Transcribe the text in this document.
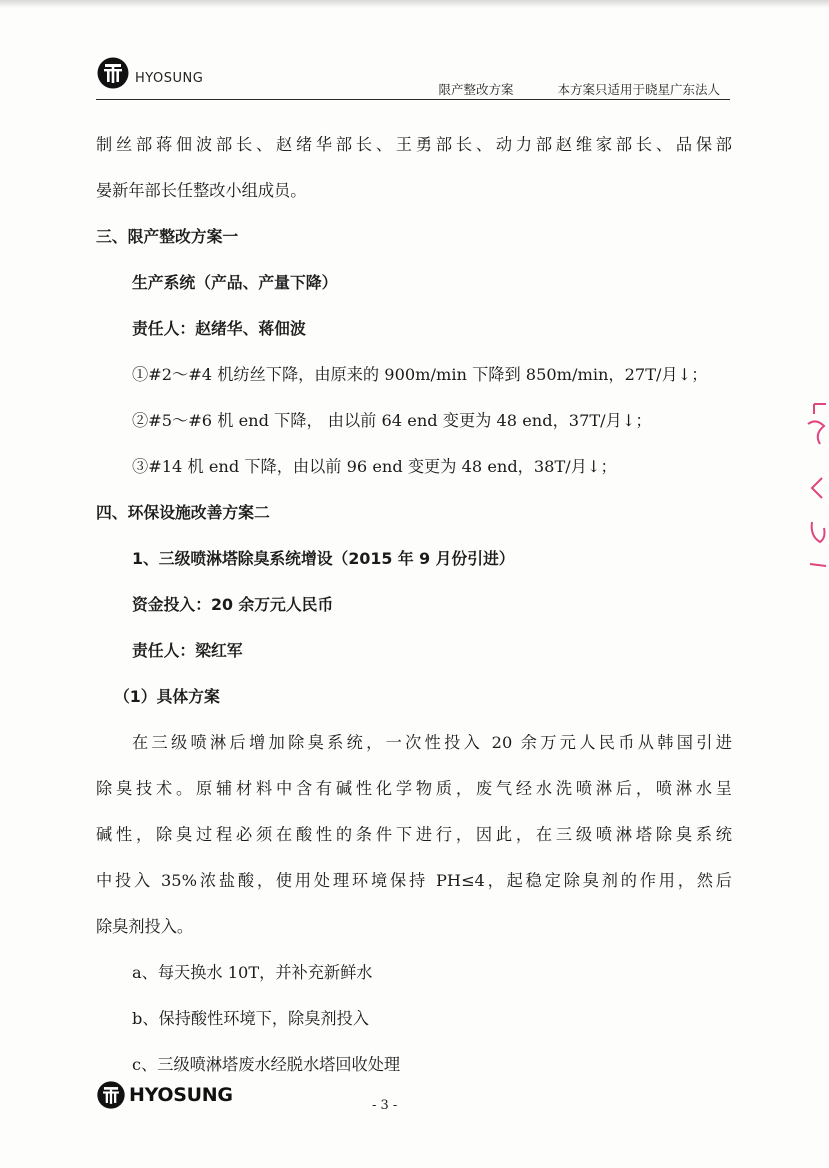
HYOSUNG
限产整改方案	本方案只适用于晓星广东法人
制丝部蒋佃波部长、赵绪华部长、王勇部长、动力部赵维家部长、品保部
晏新年部长任整改小组成员。
三、限产整改方案一
生产系统（产品、产量下降）
责任人：赵绪华、蒋佃波
①#2～#4 机纺丝下降，由原来的 900m/min 下降到 850m/min，27T/月↓；
②#5～#6 机 end 下降， 由以前 64 end 变更为 48 end，37T/月↓；
③#14 机 end 下降，由以前 96 end 变更为 48 end，38T/月↓；
四、环保设施改善方案二
1、三级喷淋塔除臭系统增设（2015 年 9 月份引进）
资金投入：20 余万元人民币
责任人：梁红军
（1）具体方案
在三级喷淋后增加除臭系统，一次性投入 20 余万元人民币从韩国引进
除臭技术。原辅材料中含有碱性化学物质，废气经水洗喷淋后，喷淋水呈
碱性，除臭过程必须在酸性的条件下进行，因此，在三级喷淋塔除臭系统
中投入 35%浓盐酸，使用处理环境保持 PH≤4，起稳定除臭剂的作用，然后
除臭剂投入。
a、每天换水 10T，并补充新鲜水
b、保持酸性环境下，除臭剂投入
c、三级喷淋塔废水经脱水塔回收处理
HYOSUNG	- 3 -
